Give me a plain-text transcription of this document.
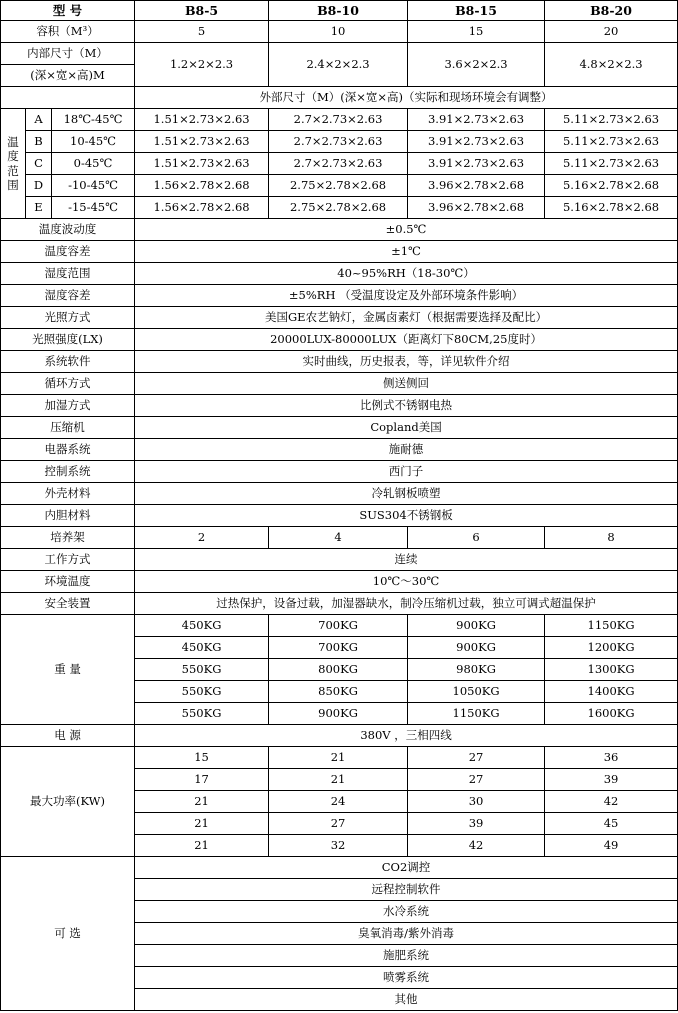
型 号			B8-5	B8-10	B8-15	B8-20
容积（M³）			5	10	15	20
内部尺寸（M）			1.2×2×2.3	2.4×2×2.3	3.6×2×2.3	4.8×2×2.3
(深×宽×高)M						
			外部尺寸（M）(深×宽×高)（实际和现场环境会有调整）			
温
度
范
围	A	18℃-45℃	1.51×2.73×2.63	2.7×2.73×2.63	3.91×2.73×2.63	5.11×2.73×2.63
	B	10-45℃	1.51×2.73×2.63	2.7×2.73×2.63	3.91×2.73×2.63	5.11×2.73×2.63
	C	0-45℃	1.51×2.73×2.63	2.7×2.73×2.63	3.91×2.73×2.63	5.11×2.73×2.63
	D	-10-45℃	1.56×2.78×2.68	2.75×2.78×2.68	3.96×2.78×2.68	5.16×2.78×2.68
	E	-15-45℃	1.56×2.78×2.68	2.75×2.78×2.68	3.96×2.78×2.68	5.16×2.78×2.68
温度波动度			±0.5℃			
温度容差			±1℃			
湿度范围			40~95%RH（18-30℃）			
湿度容差			±5%RH （受温度设定及外部环境条件影响）			
光照方式			美国GE农艺钠灯，金属卤素灯（根据需要选择及配比）			
光照强度(LX)			20000LUX-80000LUX（距离灯下80CM,25度时）			
系统软件			实时曲线，历史报表，等，详见软件介绍			
循环方式			侧送侧回			
加湿方式			比例式不锈钢电热			
压缩机			Copland美国			
电器系统			施耐德			
控制系统			西门子			
外壳材料			冷轧钢板喷塑			
内胆材料			SUS304不锈钢板			
培养架			2	4	6	8
工作方式			连续			
环境温度			10℃～30℃			
安全装置			过热保护，设备过载，加湿器缺水，制冷压缩机过载，独立可调式超温保护			
重 量			450KG	700KG	900KG	1150KG
			450KG	700KG	900KG	1200KG
			550KG	800KG	980KG	1300KG
			550KG	850KG	1050KG	1400KG
			550KG	900KG	1150KG	1600KG
电 源			380V ，三相四线			
最大功率(KW)			15	21	27	36
			17	21	27	39
			21	24	30	42
			21	27	39	45
			21	32	42	49
可 选			CO2调控			
			远程控制软件			
			水冷系统			
			臭氧消毒/紫外消毒			
			施肥系统			
			喷雾系统			
			其他			
